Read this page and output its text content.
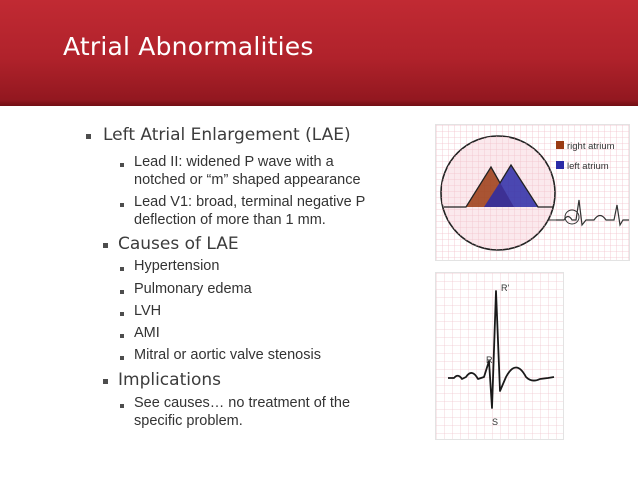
Atrial Abnormalities
Left Atrial Enlargement (LAE)
Lead II: widened P wave with a
notched or “m” shaped appearance
Lead V1: broad, terminal negative P
deflection of more than 1 mm.
Causes of LAE
Hypertension
Pulmonary edema
LVH
AMI
Mitral or aortic valve stenosis
Implications
See causes… no treatment of the
specific problem.
right atrium
left atrium
R'
R
S
